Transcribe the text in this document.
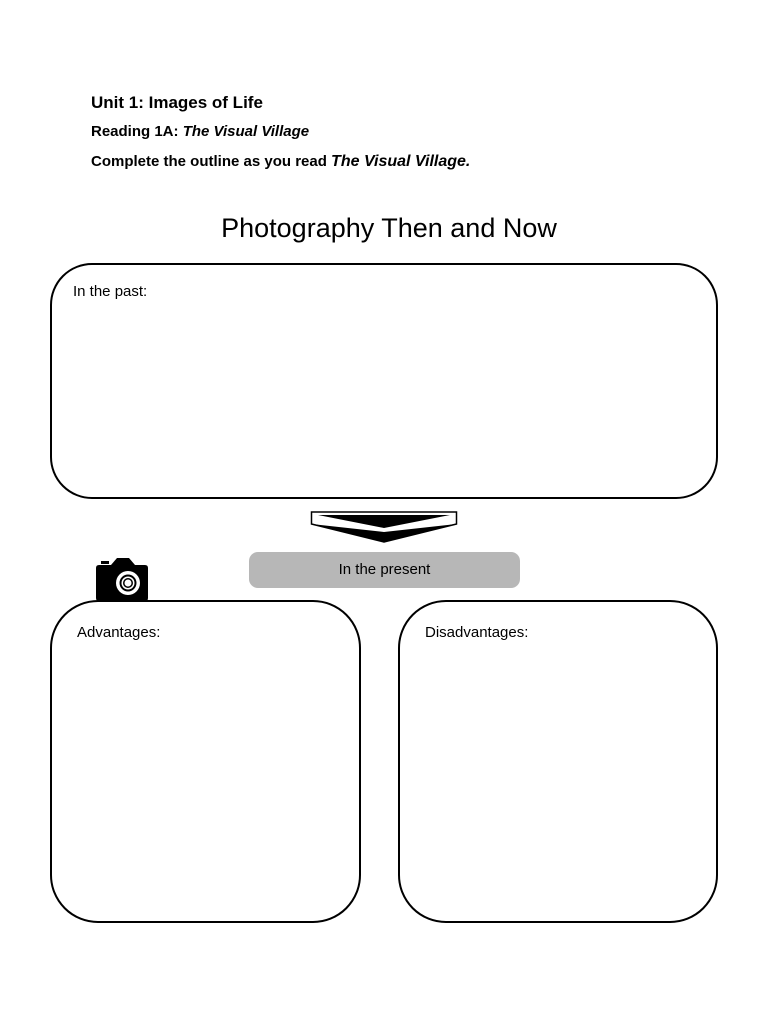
Unit 1: Images of Life
Reading 1A: The Visual Village
Complete the outline as you read The Visual Village.
Photography Then and Now
In the past:
In the present
Advantages:	Disadvantages:
